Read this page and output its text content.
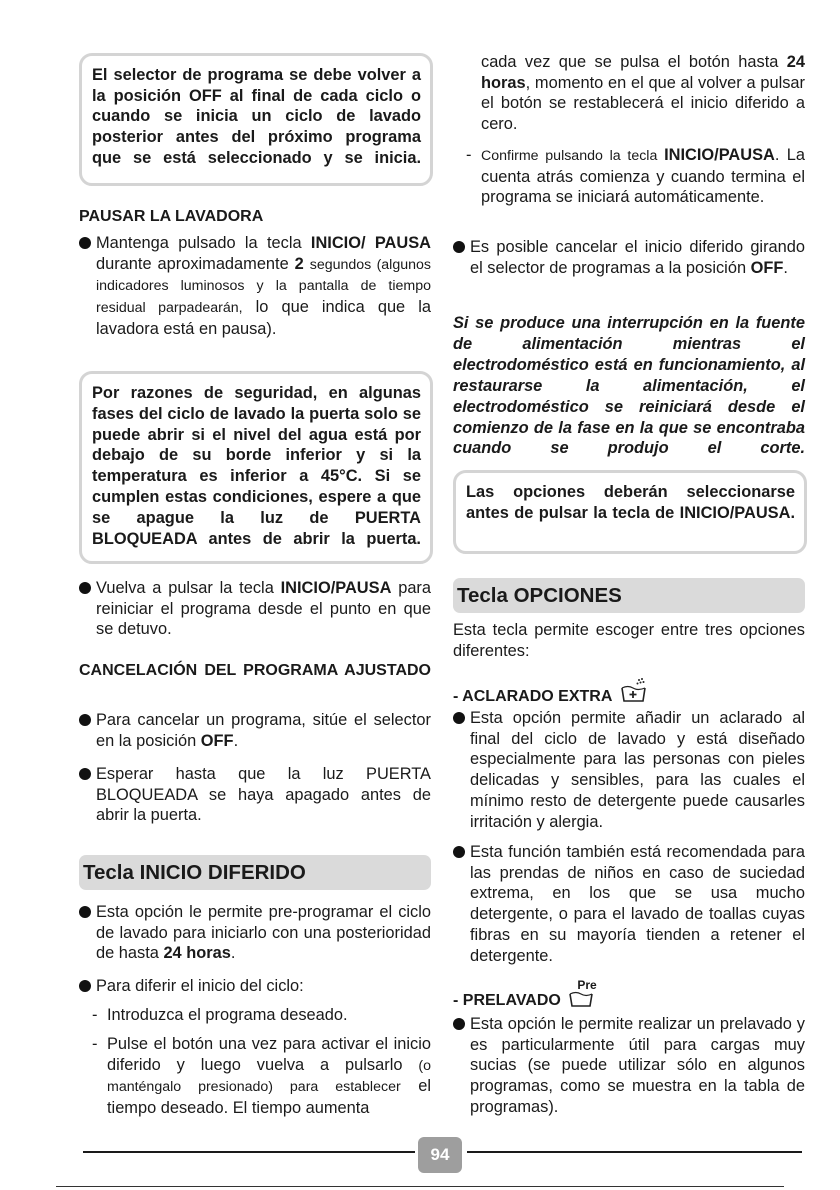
El selector de programa se debe volver a la posición OFF al final de cada ciclo o cuando se inicia un ciclo de lavado posterior antes del próximo programa que se está seleccionado y se inicia.

PAUSAR LA LAVADORA

Mantenga pulsado la tecla INICIO/ PAUSA durante aproximadamente 2 segundos (algunos indicadores luminosos y la pantalla de tiempo residual parpadearán, lo que indica que la lavadora está en pausa).
Por razones de seguridad, en algunas fases del ciclo de lavado la puerta solo se puede abrir si el nivel del agua está por debajo de su borde inferior y si la temperatura es inferior a 45°C. Si se cumplen estas condiciones, espere a que se apague la luz de PUERTA BLOQUEADA antes de abrir la puerta.
Vuelva a pulsar la tecla INICIO/PAUSA para reiniciar el programa desde el punto en que se detuvo.

CANCELACIÓN DEL PROGRAMA AJUSTADO

Para cancelar un programa, sitúe el selector en la posición OFF.
Esperar hasta que la luz PUERTA BLOQUEADA se haya apagado antes de abrir la puerta.
Tecla INICIO DIFERIDO
Esta opción le permite pre-programar el ciclo de lavado para iniciarlo con una posterioridad de hasta 24 horas.
Para diferir el inicio del ciclo:
- Introduzca el programa deseado.
- Pulse el botón una vez para activar el inicio diferido y luego vuelva a pulsarlo (o manténgalo presionado) para establecer el tiempo deseado. El tiempo aumenta
cada vez que se pulsa el botón hasta 24 horas, momento en el que al volver a pulsar el botón se restablecerá el inicio diferido a cero.
- Confirme pulsando la tecla INICIO/PAUSA. La cuenta atrás comienza y cuando termina el programa se iniciará automáticamente.
Es posible cancelar el inicio diferido girando el selector de programas a la posición OFF.

Si se produce una interrupción en la fuente de alimentación mientras el electrodoméstico está en funcionamiento, al restaurarse la alimentación, el electrodoméstico se reiniciará desde el comienzo de la fase en la que se encontraba cuando se produjo el corte.

Las opciones deberán seleccionarse antes de pulsar la tecla de INICIO/PAUSA.
Tecla OPCIONES

Esta tecla permite escoger entre tres opciones diferentes:

- ACLARADO EXTRA

Esta opción permite añadir un aclarado al final del ciclo de lavado y está diseñado especialmente para las personas con pieles delicadas y sensibles, para las cuales el mínimo resto de detergente puede causarles irritación y alergia.
Esta función también está recomendada para las prendas de niños en caso de suciedad extrema, en los que se usa mucho detergente, o para el lavado de toallas cuyas fibras en su mayoría tienden a retener el detergente.

- PRELAVADO
Pre

Esta opción le permite realizar un prelavado y es particularmente útil para cargas muy sucias (se puede utilizar sólo en algunos programas, como se muestra en la tabla de programas).
94
